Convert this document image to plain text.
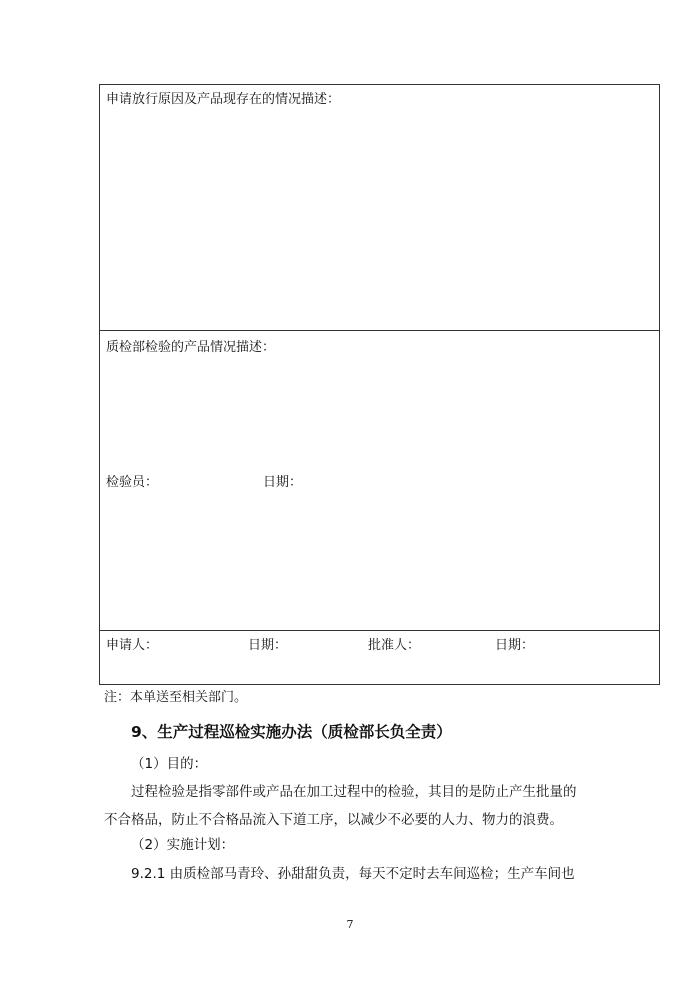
申请放行原因及产品现存在的情况描述：
质检部检验的产品情况描述：
检验员：	日期：
申请人：	日期：	批准人：	日期：
注：本单送至相关部门。
9、生产过程巡检实施办法（质检部长负全责）
（1）目的：
过程检验是指零部件或产品在加工过程中的检验，其目的是防止产生批量的
不合格品，防止不合格品流入下道工序，以减少不必要的人力、物力的浪费。
（2）实施计划：
9.2.1 由质检部马青玲、孙甜甜负责，每天不定时去车间巡检；生产车间也
7
